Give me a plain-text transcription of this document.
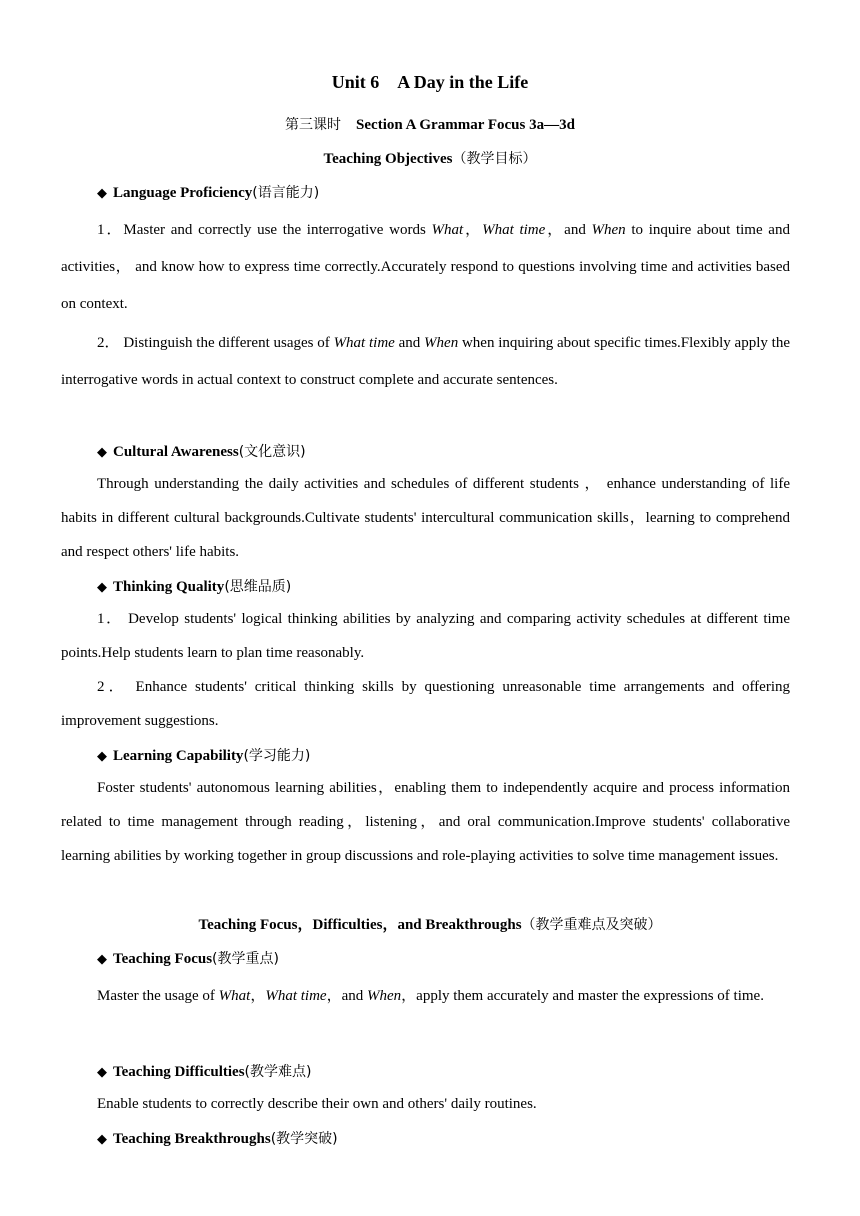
Unit 6 A Day in the Life
第三课时 Section A Grammar Focus 3a—3d
Teaching Objectives（教学目标）
◆ Language Proficiency(语言能力)

1．Master and correctly use the interrogative words What，What time，and When to inquire about time and activities， and know how to express time correctly.Accurately respond to questions involving time and activities based on context.

2． Distinguish the different usages of What time and When when inquiring about specific times.Flexibly apply the interrogative words in actual context to construct complete and accurate sentences.

◆ Cultural Awareness(文化意识)

Through understanding the daily activities and schedules of different students ， enhance understanding of life habits in different cultural backgrounds.Cultivate students' intercultural communication skills，learning to comprehend and respect others' life habits.

◆ Thinking Quality(思维品质)

1． Develop students' logical thinking abilities by analyzing and comparing activity schedules at different time points.Help students learn to plan time reasonably.

2． Enhance students' critical thinking skills by questioning unreasonable time arrangements and offering improvement suggestions.

◆ Learning Capability(学习能力)

Foster students' autonomous learning abilities，enabling them to independently acquire and process information related to time management through reading，listening，and oral communication.Improve students' collaborative learning abilities by working together in group discussions and role‐playing activities to solve time management issues.

Teaching Focus，Difficulties，and Breakthroughs（教学重难点及突破）
◆ Teaching Focus(教学重点)

Master the usage of What，What time，and When，apply them accurately and master the expressions of time.

◆ Teaching Difficulties(教学难点)

Enable students to correctly describe their own and others' daily routines.

◆ Teaching Breakthroughs(教学突破)
